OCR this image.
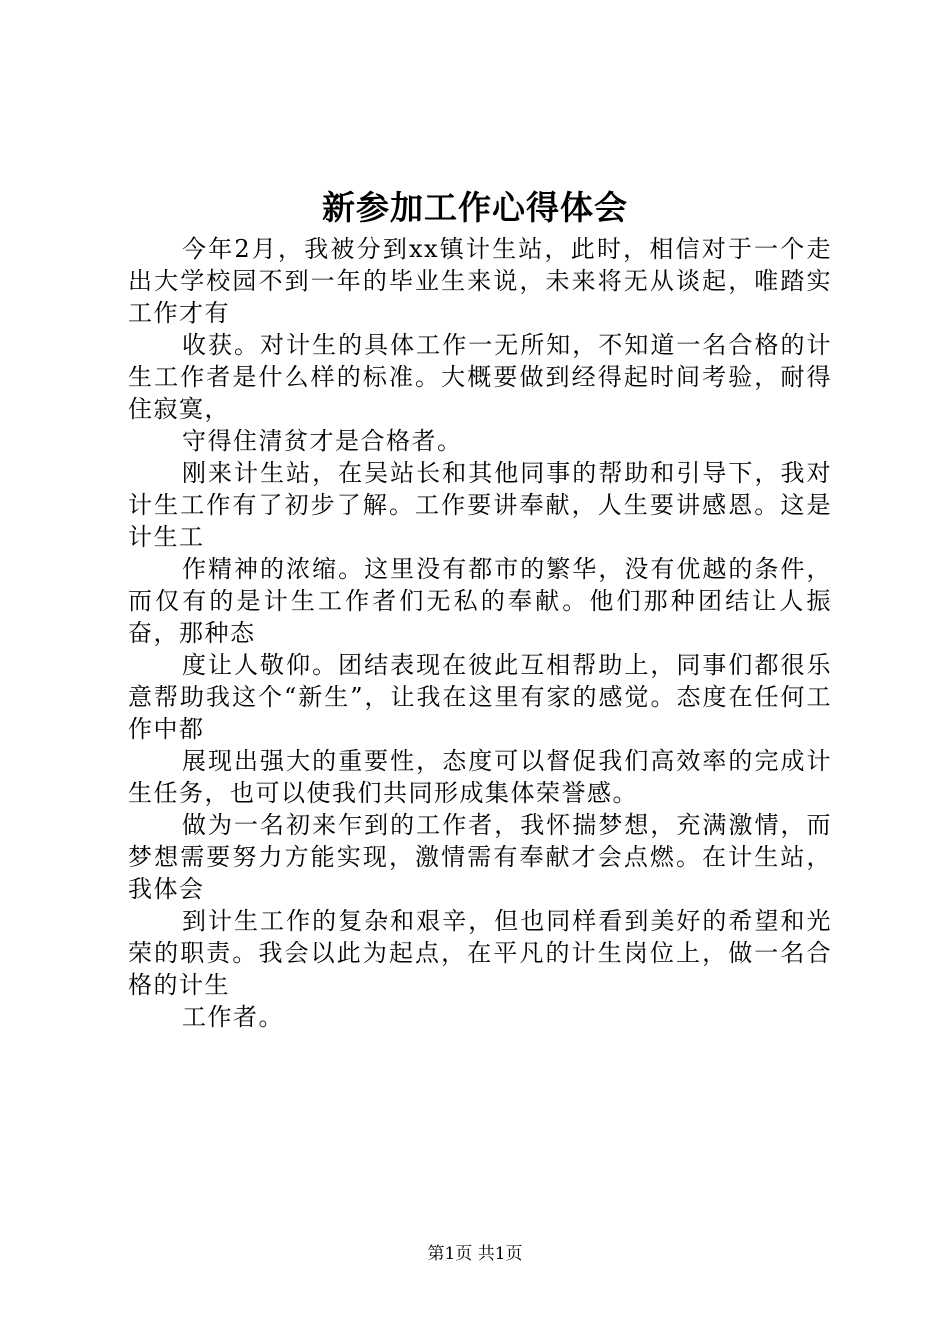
新参加工作心得体会

今年2月，我被分到xx镇计生站，此时，相信对于一个走出大学校园不到一年的毕业生来说，未来将无从谈起，唯踏实工作才有

收获。对计生的具体工作一无所知，不知道一名合格的计生工作者是什么样的标准。大概要做到经得起时间考验，耐得住寂寞，

守得住清贫才是合格者。

刚来计生站，在吴站长和其他同事的帮助和引导下，我对计生工作有了初步了解。工作要讲奉献，人生要讲感恩。这是计生工

作精神的浓缩。这里没有都市的繁华，没有优越的条件，而仅有的是计生工作者们无私的奉献。他们那种团结让人振奋，那种态

度让人敬仰。团结表现在彼此互相帮助上，同事们都很乐意帮助我这个“新生”，让我在这里有家的感觉。态度在任何工作中都

展现出强大的重要性，态度可以督促我们高效率的完成计生任务，也可以使我们共同形成集体荣誉感。

做为一名初来乍到的工作者，我怀揣梦想，充满激情，而梦想需要努力方能实现，激情需有奉献才会点燃。在计生站，我体会

到计生工作的复杂和艰辛，但也同样看到美好的希望和光荣的职责。我会以此为起点，在平凡的计生岗位上，做一名合格的计生

工作者。

第1页 共1页
